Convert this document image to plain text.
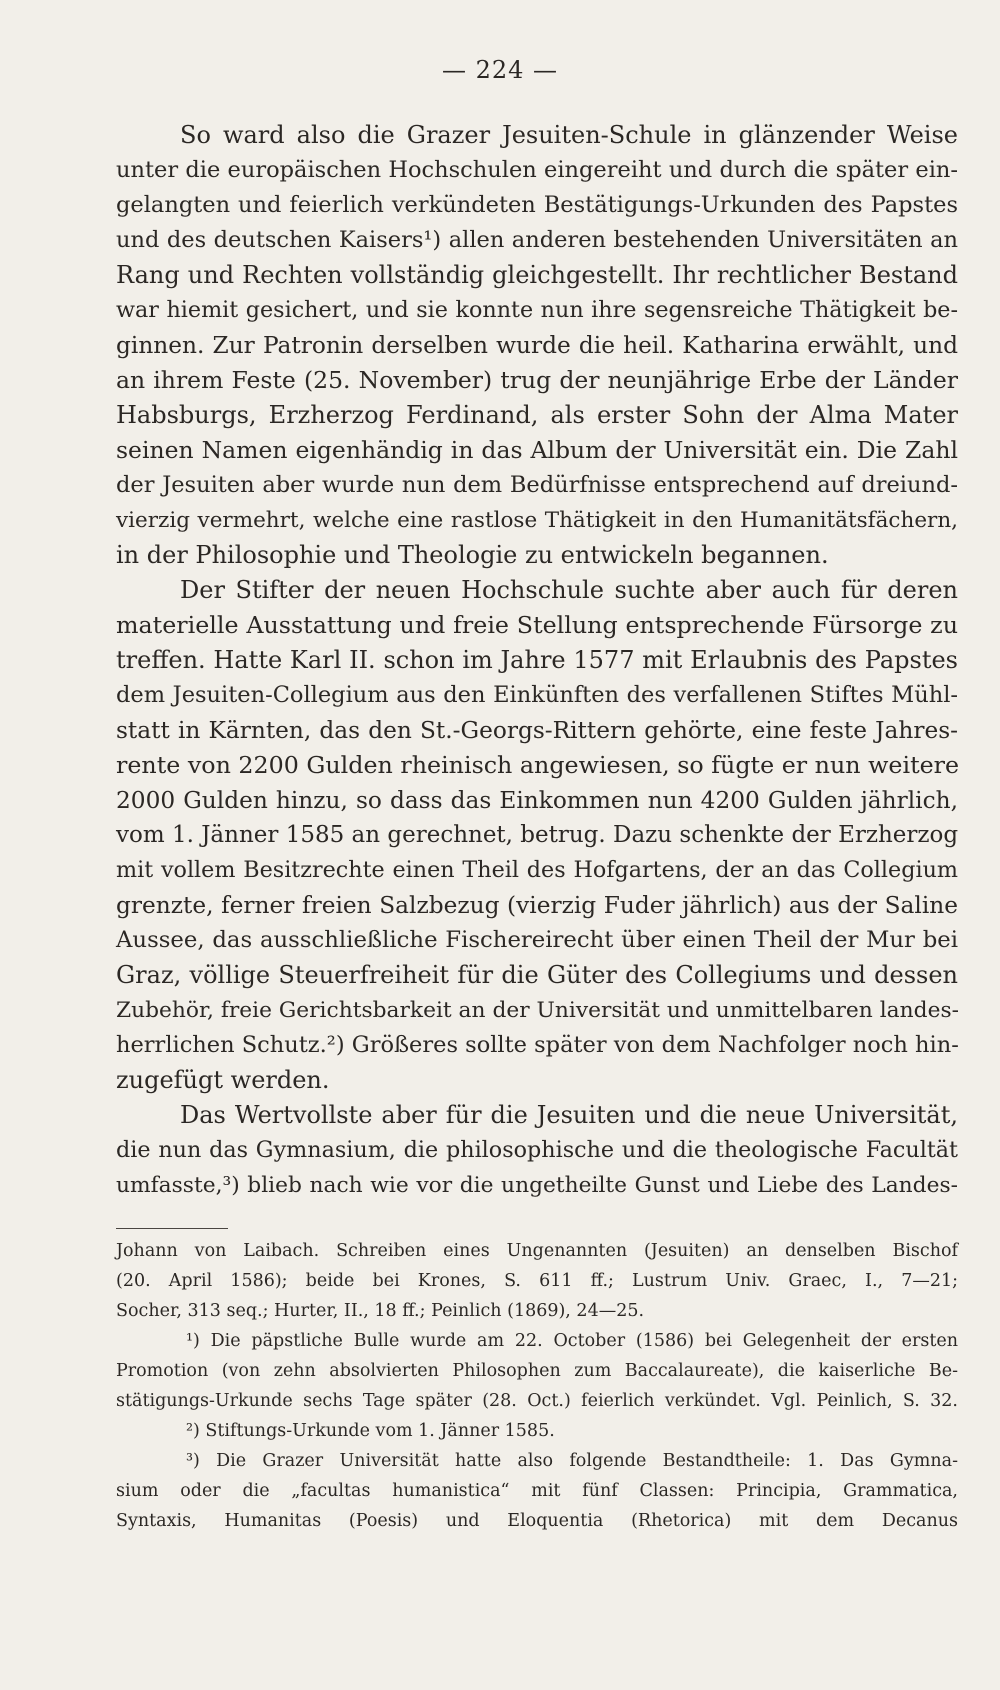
— 224 —
So ward also die Grazer Jesuiten-Schule in glänzender Weise
unter die europäischen Hochschulen eingereiht und durch die später ein-
gelangten und feierlich verkündeten Bestätigungs-Urkunden des Papstes
und des deutschen Kaisers¹) allen anderen bestehenden Universitäten an
Rang und Rechten vollständig gleichgestellt. Ihr rechtlicher Bestand
war hiemit gesichert, und sie konnte nun ihre segensreiche Thätigkeit be-
ginnen. Zur Patronin derselben wurde die heil. Katharina erwählt, und
an ihrem Feste (25. November) trug der neunjährige Erbe der Länder
Habsburgs, Erzherzog Ferdinand, als erster Sohn der Alma Mater
seinen Namen eigenhändig in das Album der Universität ein. Die Zahl
der Jesuiten aber wurde nun dem Bedürfnisse entsprechend auf dreiund-
vierzig vermehrt, welche eine rastlose Thätigkeit in den Humanitätsfächern,
in der Philosophie und Theologie zu entwickeln begannen.
Der Stifter der neuen Hochschule suchte aber auch für deren
materielle Ausstattung und freie Stellung entsprechende Fürsorge zu
treffen. Hatte Karl II. schon im Jahre 1577 mit Erlaubnis des Papstes
dem Jesuiten-Collegium aus den Einkünften des verfallenen Stiftes Mühl-
statt in Kärnten, das den St.-Georgs-Rittern gehörte, eine feste Jahres-
rente von 2200 Gulden rheinisch angewiesen, so fügte er nun weitere
2000 Gulden hinzu, so dass das Einkommen nun 4200 Gulden jährlich,
vom 1. Jänner 1585 an gerechnet, betrug. Dazu schenkte der Erzherzog
mit vollem Besitzrechte einen Theil des Hofgartens, der an das Collegium
grenzte, ferner freien Salzbezug (vierzig Fuder jährlich) aus der Saline
Aussee, das ausschließliche Fischereirecht über einen Theil der Mur bei
Graz, völlige Steuerfreiheit für die Güter des Collegiums und dessen
Zubehör, freie Gerichtsbarkeit an der Universität und unmittelbaren landes-
herrlichen Schutz.²) Größeres sollte später von dem Nachfolger noch hin-
zugefügt werden.
Das Wertvollste aber für die Jesuiten und die neue Universität,
die nun das Gymnasium, die philosophische und die theologische Facultät
umfasste,³) blieb nach wie vor die ungetheilte Gunst und Liebe des Landes-
Johann von Laibach. Schreiben eines Ungenannten (Jesuiten) an denselben Bischof
(20. April 1586); beide bei Krones, S. 611 ff.; Lustrum Univ. Graec, I., 7—21;
Socher, 313 seq.; Hurter, II., 18 ff.; Peinlich (1869), 24—25.
¹) Die päpstliche Bulle wurde am 22. October (1586) bei Gelegenheit der ersten
Promotion (von zehn absolvierten Philosophen zum Baccalaureate), die kaiserliche Be-
stätigungs-Urkunde sechs Tage später (28. Oct.) feierlich verkündet. Vgl. Peinlich, S. 32.
²) Stiftungs-Urkunde vom 1. Jänner 1585.
³) Die Grazer Universität hatte also folgende Bestandtheile: 1. Das Gymna-
sium oder die „facultas humanistica“ mit fünf Classen: Principia, Grammatica,
Syntaxis, Humanitas (Poesis) und Eloquentia (Rhetorica) mit dem Decanus
